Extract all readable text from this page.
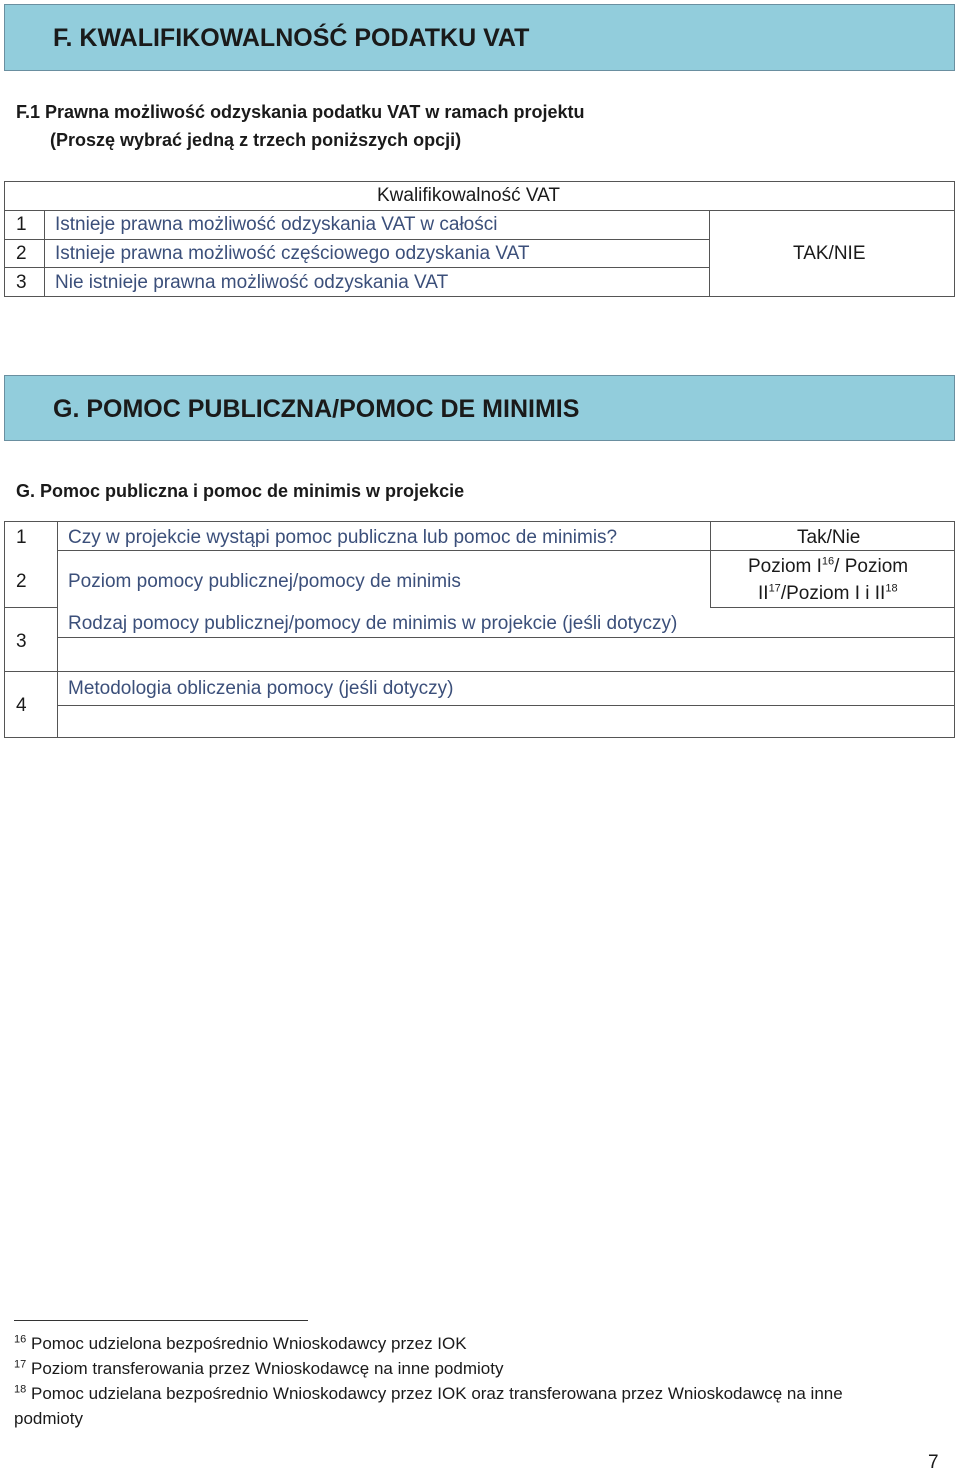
F. KWALIFIKOWALNOŚĆ PODATKU VAT
F.1 Prawna możliwość odzyskania podatku VAT w ramach projektu
(Proszę wybrać jedną z trzech poniższych opcji)
Kwalifikowalność VAT
1 Istnieje prawna możliwość odzyskania VAT w całości
2 Istnieje prawna możliwość częściowego odzyskania VAT
3 Nie istnieje prawna możliwość odzyskania VAT
TAK/NIE
G. POMOC PUBLICZNA/POMOC DE MINIMIS
G. Pomoc publiczna i pomoc de minimis w projekcie
1 Czy w projekcie wystąpi pomoc publiczna lub pomoc de minimis?	Tak/Nie
2 Poziom pomocy publicznej/pomocy de minimis
Poziom $I^{16}/$ Poziom
II$^{17}$/Poziom I i II$^{18}$
3
Rodzaj pomocy publicznej/pomocy de minimis w projekcie (jeśli dotyczy)
4
Metodologia obliczenia pomocy (jeśli dotyczy)
$^{16}$ Pomoc udzielona bezpośrednio Wnioskodawcy przez IOK
$^{17}$ Poziom transferowania przez Wnioskodawcę na inne podmioty
$^{18}$ Pomoc udzielana bezpośrednio Wnioskodawcy przez IOK oraz transferowana przez Wnioskodawcę na inne
podmioty
7
